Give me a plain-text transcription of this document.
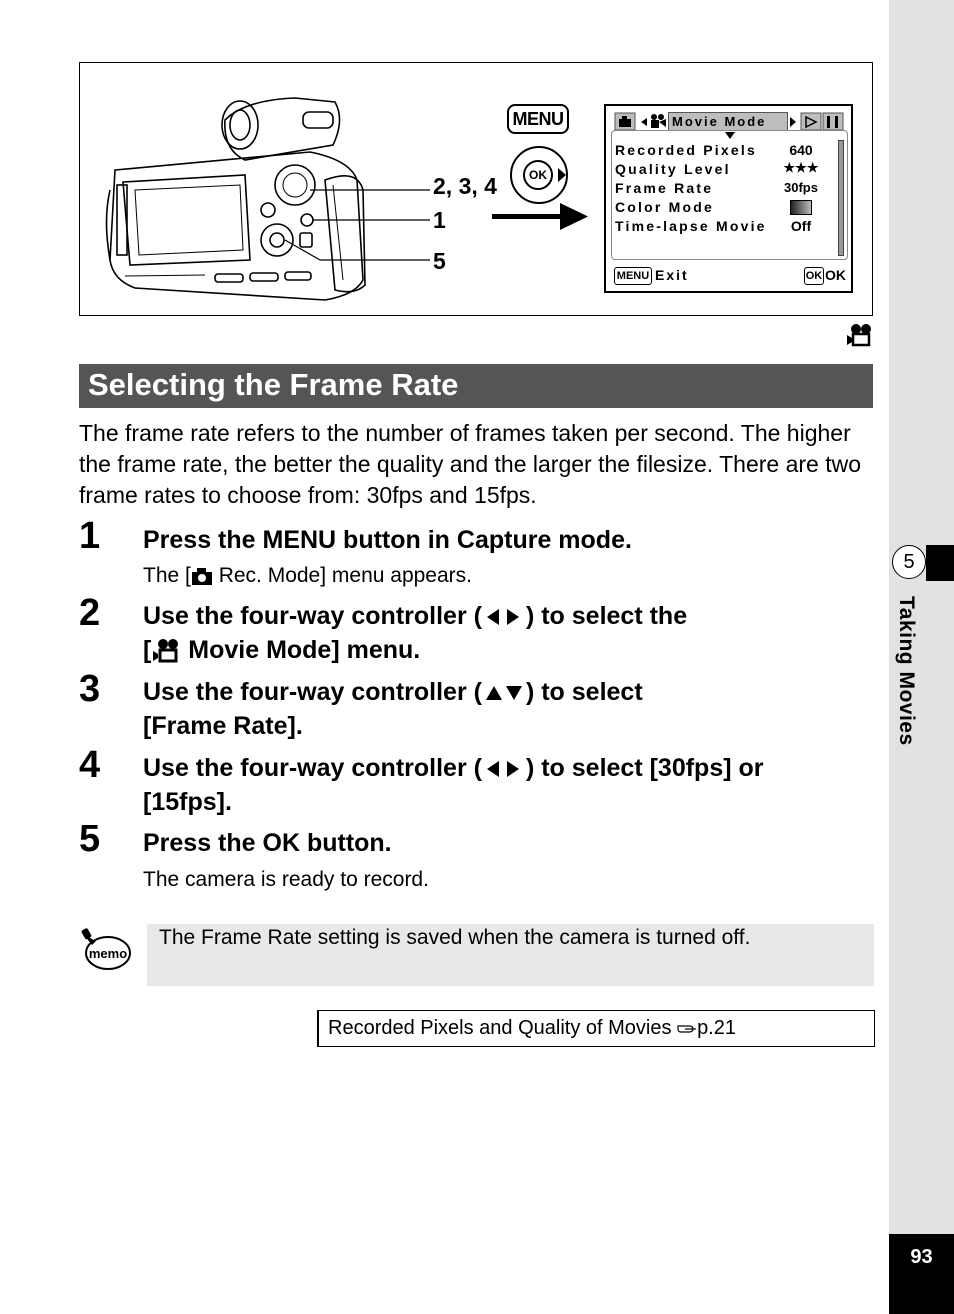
5
Taking Movies
93
2, 3, 4
1
5
MENU
OK
Movie Mode
Recorded Pixels
Quality Level
Frame Rate
Color Mode
Time-lapse Movie
640
★★★
30fps
Off
MENU Exit	OK OK
Selecting the Frame Rate
The frame rate refers to the number of frames taken per second. The higher the frame rate, the better the quality and the larger the filesize. There are two frame rates to choose from: 30fps and 15fps.
1 Press the MENU button in Capture mode.
The [ Rec. Mode] menu appears.
2 Use the four-way controller ( ) to select the
[ Movie Mode] menu.
3 Use the four-way controller ( ) to select
[Frame Rate].
4 Use the four-way controller ( ) to select [30fps] or
[15fps].
5 Press the OK button.
The camera is ready to record.
memo
The Frame Rate setting is saved when the camera is turned off.
Recorded Pixels and Quality of Movies p.21
